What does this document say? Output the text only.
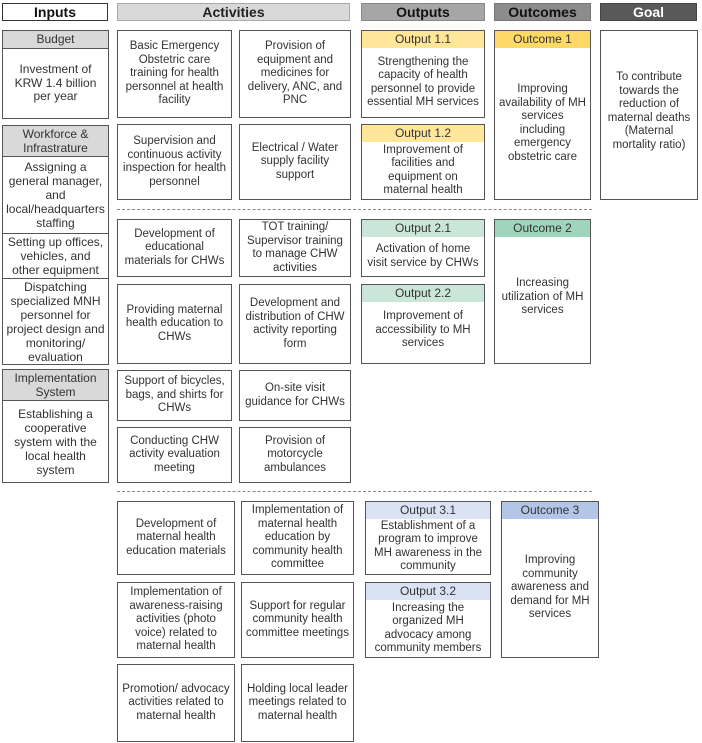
Inputs	Activities	Outputs	Outcomes	Goal
Budget
Investment of KRW 1.4 billion per year
Workforce & Infrastrature
Assigning a general manager, and local/headquarters staffing
Setting up offices, vehicles, and other equipment
Dispatching specialized MNH personnel for project design and monitoring/ evaluation
Implementation System
Establishing a cooperative system with the local health system
Basic Emergency Obstetric care training for health personnel at health facility
Provision of equipment and medicines for delivery, ANC, and PNC
Supervision and continuous activity inspection for health personnel
Electrical / Water supply facility support
Development of educational materials for CHWs
TOT training/ Supervisor training to manage CHW activities
Providing maternal health education to CHWs
Development and distribution of CHW activity reporting form
Support of bicycles, bags, and shirts for CHWs
On-site visit guidance for CHWs
Conducting CHW activity evaluation meeting
Provision of motorcycle ambulances
Development of maternal health education materials
Implementation of maternal health education by community health committee
Implementation of awareness-raising activities (photo voice) related to maternal health
Support for regular community health committee meetings
Promotion/ advocacy activities related to maternal health
Holding local leader meetings related to maternal health
Output 1.1
Strengthening the capacity of health personnel to provide essential MH services
Output 1.2
Improvement of facilities and equipment on maternal health
Output 2.1
Activation of home visit service by CHWs
Output 2.2
Improvement of accessibility to MH services
Output 3.1
Establishment of a program to improve MH awareness in the community
Output 3.2
Increasing the organized MH advocacy among community members
Outcome 1
Improving availability of MH services including emergency obstetric care
Outcome 2
Increasing utilization of MH services
Outcome 3
Improving community awareness and demand for MH services
To contribute towards the reduction of maternal deaths (Maternal mortality ratio)
